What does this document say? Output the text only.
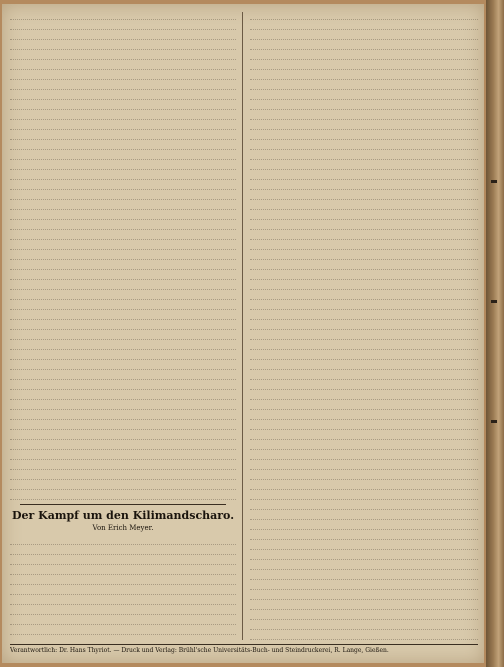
Der Kampf um den Kilimandscharo.
Von Erich Meyer.
Verantwortlich: Dr. Hans Thyriot. — Druck und Verlag: Brühl'sche Universitäts-Buch- und Steindruckerei, R. Lange, Gießen.
